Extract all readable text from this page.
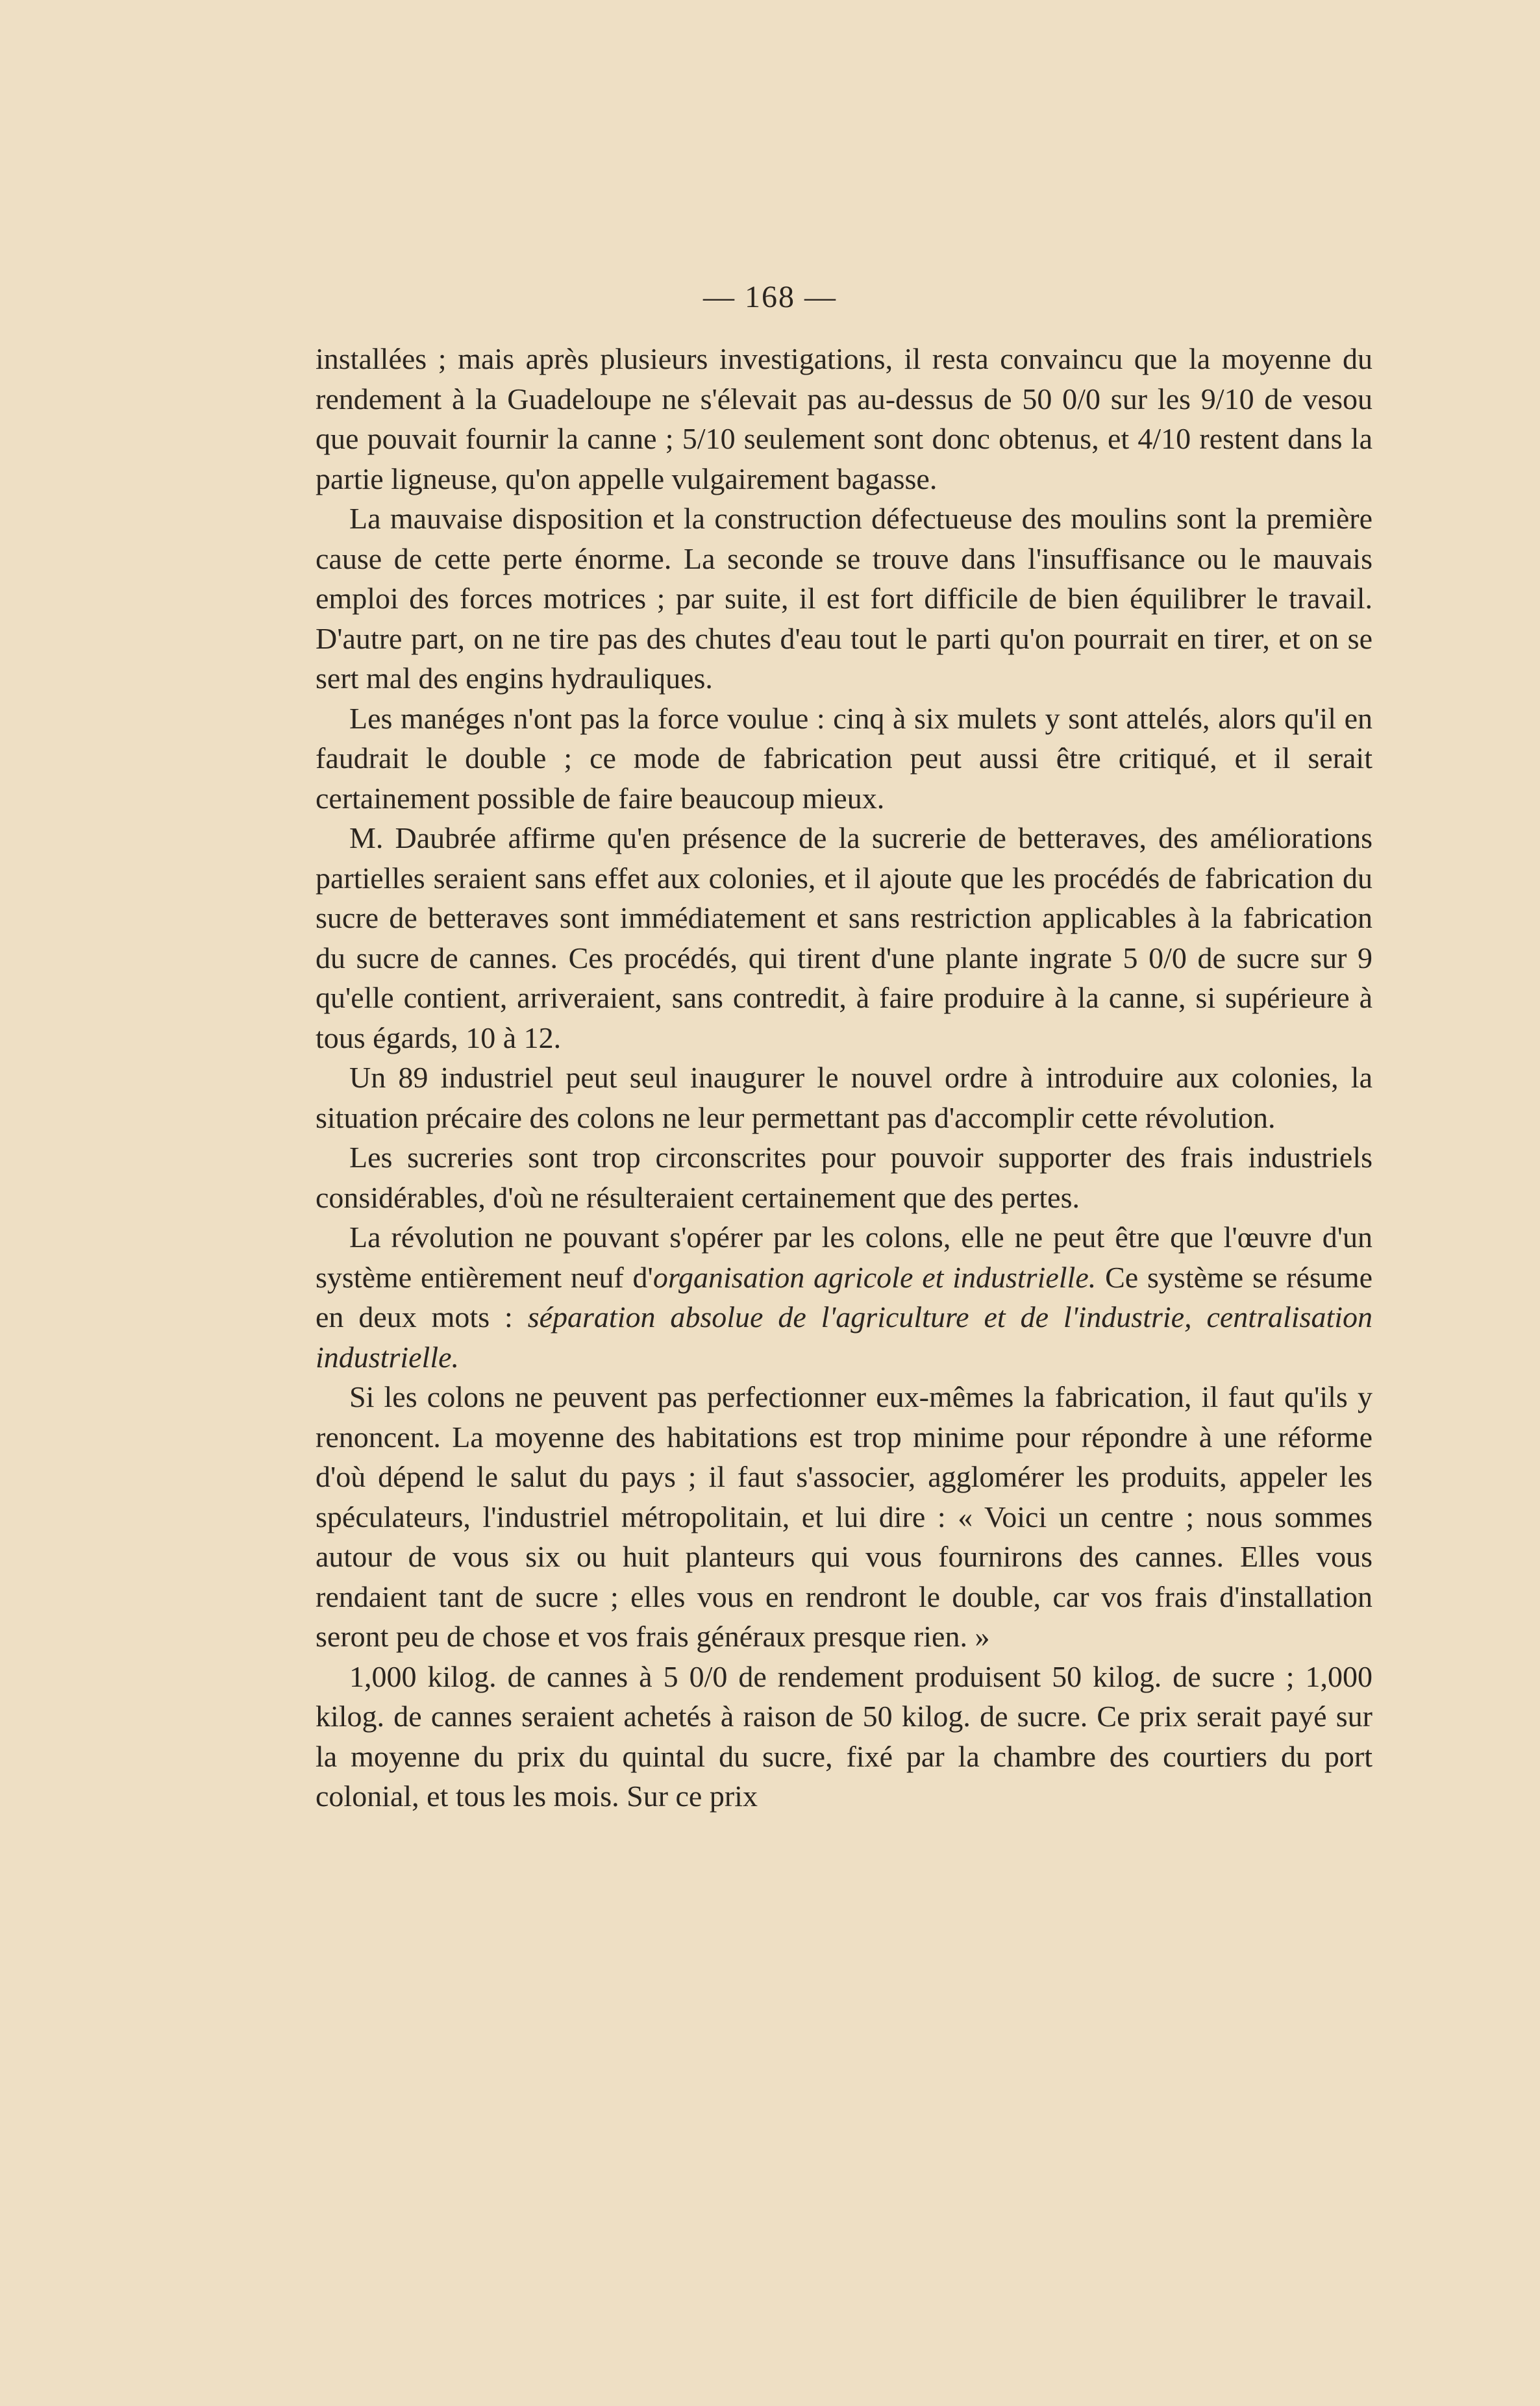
— 168 —

installées ; mais après plusieurs investigations, il resta convaincu que la moyenne du rendement à la Guadeloupe ne s'élevait pas au-dessus de 50 0/0 sur les 9/10 de vesou que pouvait fournir la canne ; 5/10 seulement sont donc obtenus, et 4/10 restent dans la partie ligneuse, qu'on appelle vulgairement bagasse.

La mauvaise disposition et la construction défectueuse des moulins sont la première cause de cette perte énorme. La seconde se trouve dans l'insuffisance ou le mauvais emploi des forces motrices ; par suite, il est fort difficile de bien équilibrer le travail. D'autre part, on ne tire pas des chutes d'eau tout le parti qu'on pourrait en tirer, et on se sert mal des engins hydrauliques.

Les manéges n'ont pas la force voulue : cinq à six mulets y sont attelés, alors qu'il en faudrait le double ; ce mode de fabrication peut aussi être critiqué, et il serait certainement possible de faire beaucoup mieux.

M. Daubrée affirme qu'en présence de la sucrerie de betteraves, des améliorations partielles seraient sans effet aux colonies, et il ajoute que les procédés de fabrication du sucre de betteraves sont immédiatement et sans restriction applicables à la fabrication du sucre de cannes. Ces procédés, qui tirent d'une plante ingrate 5 0/0 de sucre sur 9 qu'elle contient, arriveraient, sans contredit, à faire produire à la canne, si supérieure à tous égards, 10 à 12.

Un 89 industriel peut seul inaugurer le nouvel ordre à introduire aux colonies, la situation précaire des colons ne leur permettant pas d'accomplir cette révolution.

Les sucreries sont trop circonscrites pour pouvoir supporter des frais industriels considérables, d'où ne résulteraient certainement que des pertes.

La révolution ne pouvant s'opérer par les colons, elle ne peut être que l'œuvre d'un système entièrement neuf d'organisation agricole et industrielle. Ce système se résume en deux mots : séparation absolue de l'agriculture et de l'industrie, centralisation industrielle.

Si les colons ne peuvent pas perfectionner eux-mêmes la fabrication, il faut qu'ils y renoncent. La moyenne des habitations est trop minime pour répondre à une réforme d'où dépend le salut du pays ; il faut s'associer, agglomérer les produits, appeler les spéculateurs, l'industriel métropolitain, et lui dire : « Voici un centre ; nous sommes autour de vous six ou huit planteurs qui vous fournirons des cannes. Elles vous rendaient tant de sucre ; elles vous en rendront le double, car vos frais d'installation seront peu de chose et vos frais généraux presque rien. »

1,000 kilog. de cannes à 5 0/0 de rendement produisent 50 kilog. de sucre ; 1,000 kilog. de cannes seraient achetés à raison de 50 kilog. de sucre. Ce prix serait payé sur la moyenne du prix du quintal du sucre, fixé par la chambre des courtiers du port colonial, et tous les mois. Sur ce prix
